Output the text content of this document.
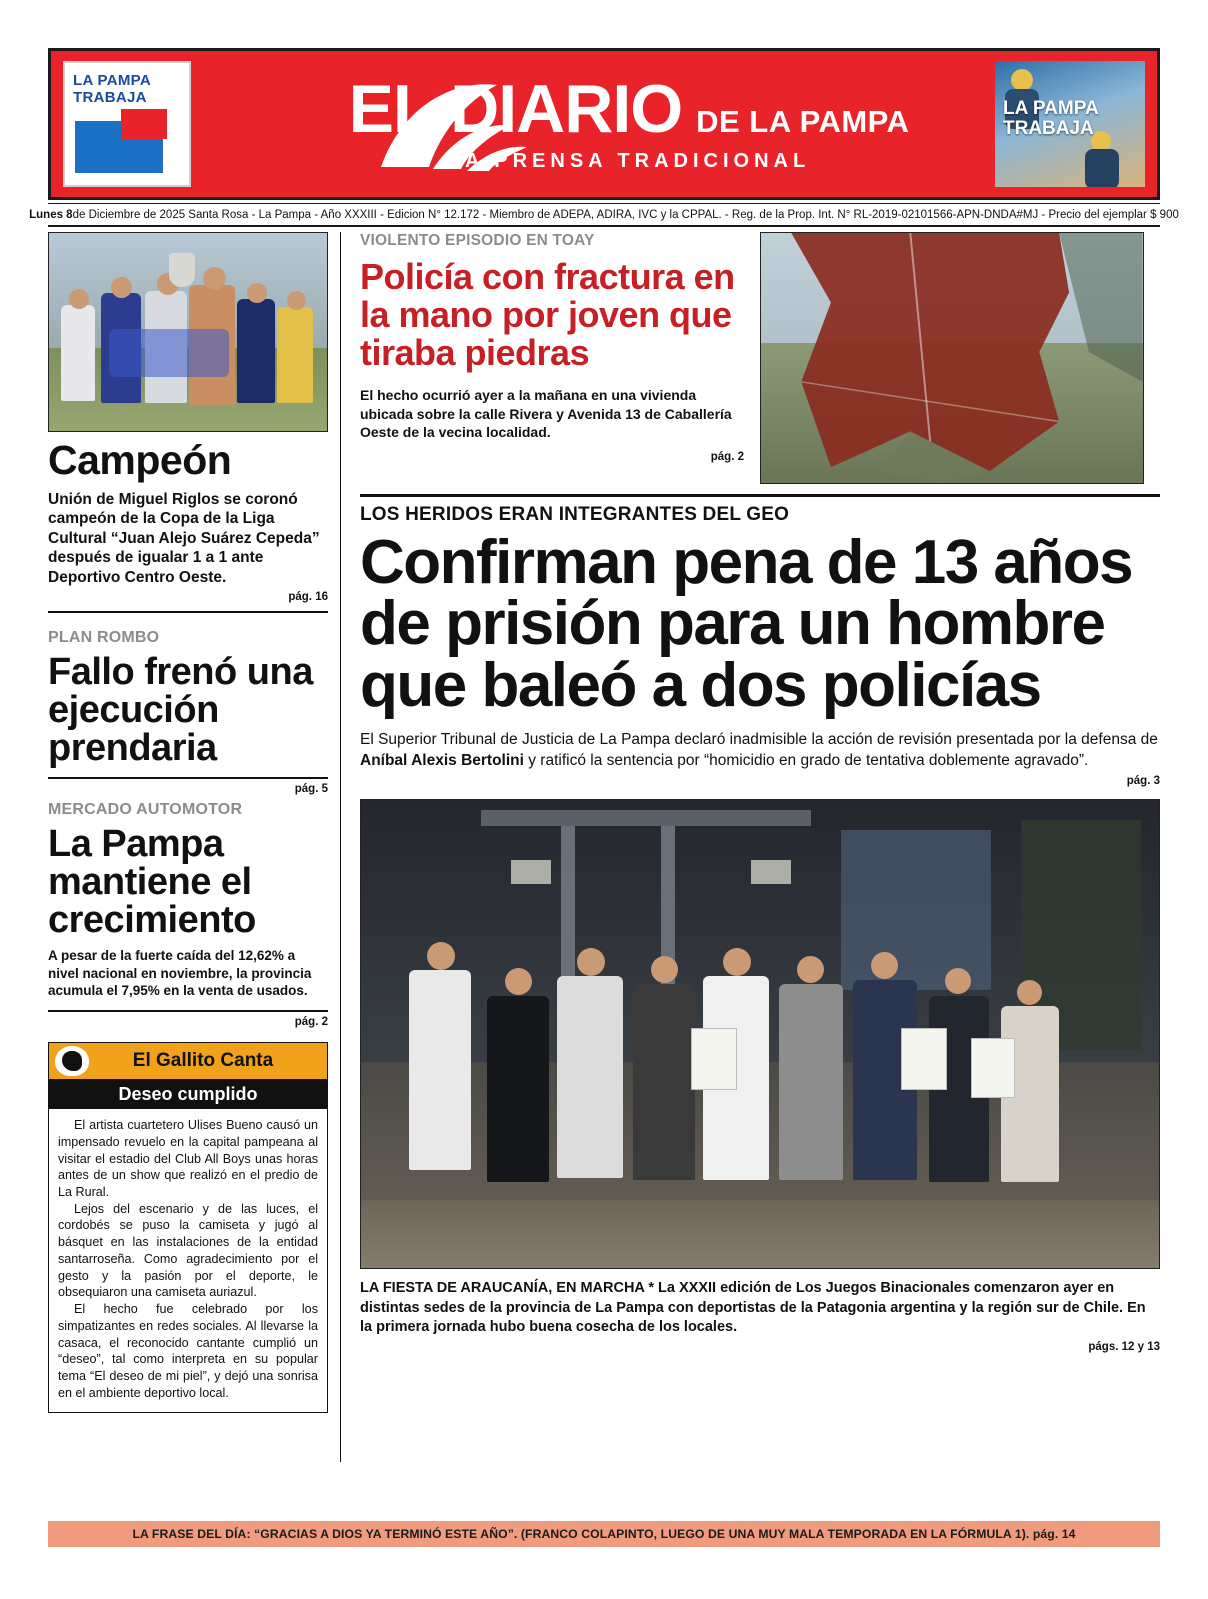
LA PAMPA
TRABAJA	EL DIARIO DE LA PAMPA
LA PRENSA TRADICIONAL
LA PAMPA
TRABAJA
Lunes 8 de Diciembre de 2025 Santa Rosa - La Pampa - Año XXXIII - Edicion N° 12.172 - Miembro de ADEPA, ADIRA, IVC y la CPPAL. - Reg. de la Prop. Int. N° RL-2019-02101566-APN-DNDA#MJ - Precio del ejemplar $ 900
Campeón
Unión de Miguel Riglos se coronó campeón de la Copa de la Liga Cultural “Juan Alejo Suárez Cepeda” después de igualar 1 a 1 ante Deportivo Centro Oeste.
pág. 16
PLAN ROMBO
Fallo frenó una ejecución prendaria
pág. 5
MERCADO AUTOMOTOR
La Pampa mantiene el crecimiento
A pesar de la fuerte caída del 12,62% a nivel nacional en noviembre, la provincia acumula el 7,95% en la venta de usados.
pág. 2
El Gallito Canta
Deseo cumplido

El artista cuartetero Ulises Bueno causó un impensado revuelo en la capital pampeana al visitar el estadio del Club All Boys unas horas antes de un show que realizó en el predio de La Rural.

Lejos del escenario y de las luces, el cordobés se puso la camiseta y jugó al básquet en las instalaciones de la entidad santarroseña. Como agradecimiento por el gesto y la pasión por el deporte, le obsequiaron una camiseta auriazul.

El hecho fue celebrado por los simpatizantes en redes sociales. Al llevarse la casaca, el reconocido cantante cumplió un “deseo”, tal como interpreta en su popular tema “El deseo de mi piel”, y dejó una sonrisa en el ambiente deportivo local.

VIOLENTO EPISODIO EN TOAY
Policía con fractura en la mano por joven que tiraba piedras
El hecho ocurrió ayer a la mañana en una vivienda ubicada sobre la calle Rivera y Avenida 13 de Caballería Oeste de la vecina localidad.
pág. 2
LOS HERIDOS ERAN INTEGRANTES DEL GEO
Confirman pena de 13 años de prisión para un hombre que baleó a dos policías
El Superior Tribunal de Justicia de La Pampa declaró inadmisible la acción de revisión presentada por la defensa de Aníbal Alexis Bertolini y ratificó la sentencia por “homicidio en grado de tentativa doblemente agravado”.
pág. 3
LA FIESTA DE ARAUCANÍA, EN MARCHA * La XXXII edición de Los Juegos Binacionales comenzaron ayer en distintas sedes de la provincia de La Pampa con deportistas de la Patagonia argentina y la región sur de Chile. En la primera jornada hubo buena cosecha de los locales.
págs. 12 y 13
LA FRASE DEL DÍA: “GRACIAS A DIOS YA TERMINÓ ESTE AÑO”. (FRANCO COLAPINTO, LUEGO DE UNA MUY MALA TEMPORADA EN LA FÓRMULA 1). pág. 14
